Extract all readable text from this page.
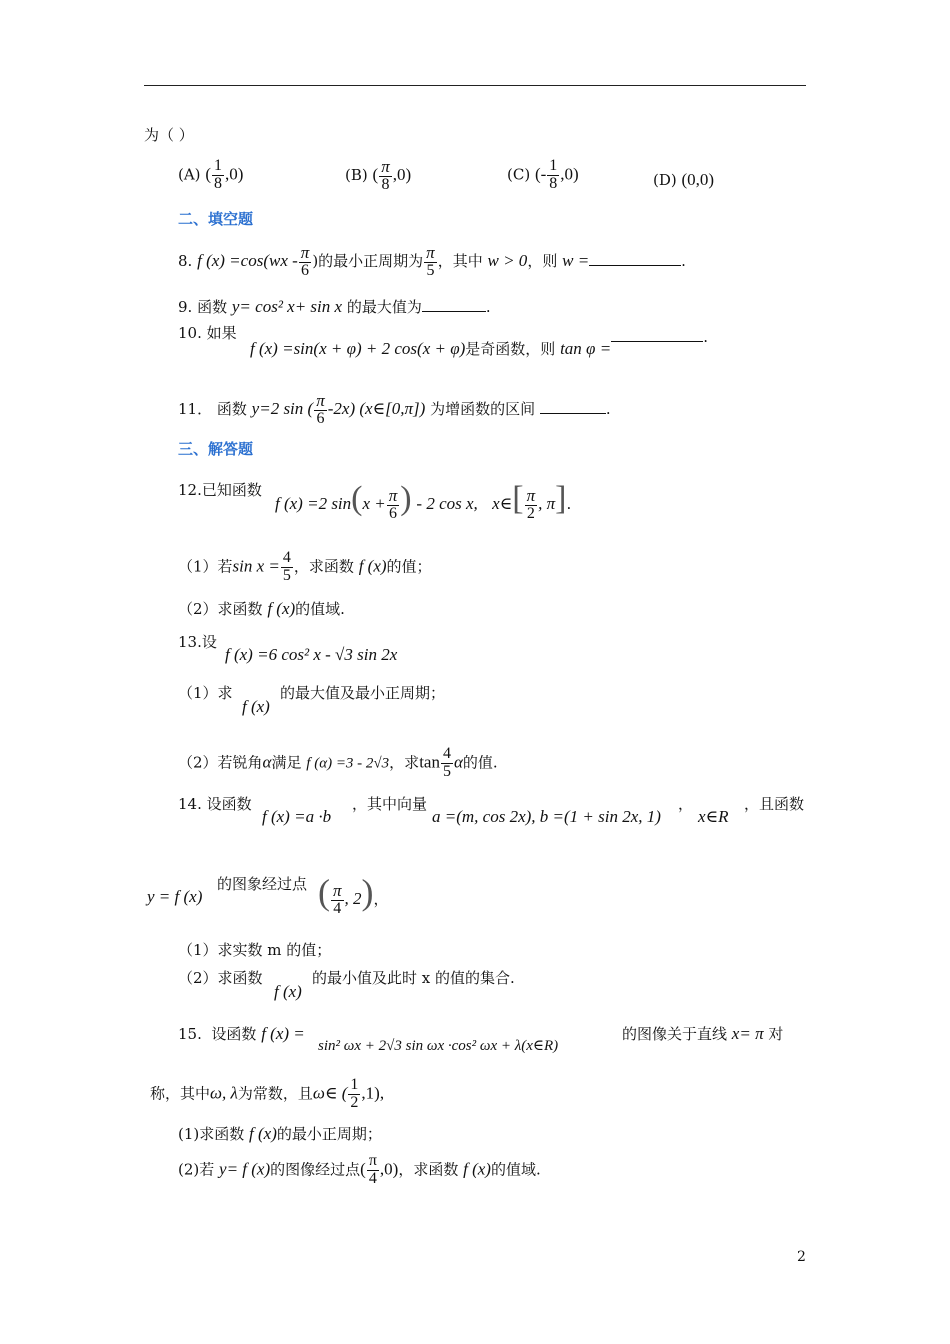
为（ ）
(A) ( $\frac{1}{8} ,0$)	(B) ( $\frac{\pi}{8} ,0$)	(C) (- $\frac{1}{8} ,0$)	(D) (0,0)
二、填空题
8. f $(x) =\cos(wx - \frac{\pi}{6}$ )的最小正周期为 $\frac{\pi}{5}$ ，其中 w > 0，则 w =	.
9. 函数 y= cos² x+ sin x 的最大值为	.
10. 如果
f (x) =sin(x + φ) + 2 cos(x + φ)是奇函数，则 tan φ =.
11． 函数 y=2 sin ( $\frac{\pi}{6} -2x$) (x∈[0,π]) 为增函数的区间	.
三、解答题
12.已知函数
f (x) =2 $\sin(x + \frac{\pi}{6}$ ) - 2 cos x, x∈[ $\frac{\pi}{2}$ , π].
（1）若$\sin x = \frac{4}{5}$ ，求函数 f (x)的值；
（2）求函数 f (x)的值域.
13.设
f (x) =6 cos² x - √3 sin 2x
（1）求
f (x)
的最大值及最小正周期；
（2）若锐角α满足 f (α) =3 - 2√3，求$\tan \frac{4}{5}$ α的值.
14. 设函数
f (x) =a ·b
，其中向量
a =(m, cos 2x), b =(1 + sin 2x, 1)
，
x∈R
，且函数
y = f (x)
的图象经过点 ( $\frac{\pi}{4}$ , 2)，
（1）求实数 m 的值；
（2）求函数
f (x)
的最小值及此时 x 的值的集合.
15. 设函数 f (x) =
sin² ωx + 2√3 sin ωx ·cos² ωx + λ(x∈R)
的图像关于直线 x= π 对
称，其中ω, λ为常数，且ω∈ ( $\frac{1}{2} ,1$),
(1)求函数 f (x)的最小正周期；
(2)若 y= f (x)的图像经过点( $\frac{\pi}{4} ,0$)，求函数 f (x)的值域.
2
